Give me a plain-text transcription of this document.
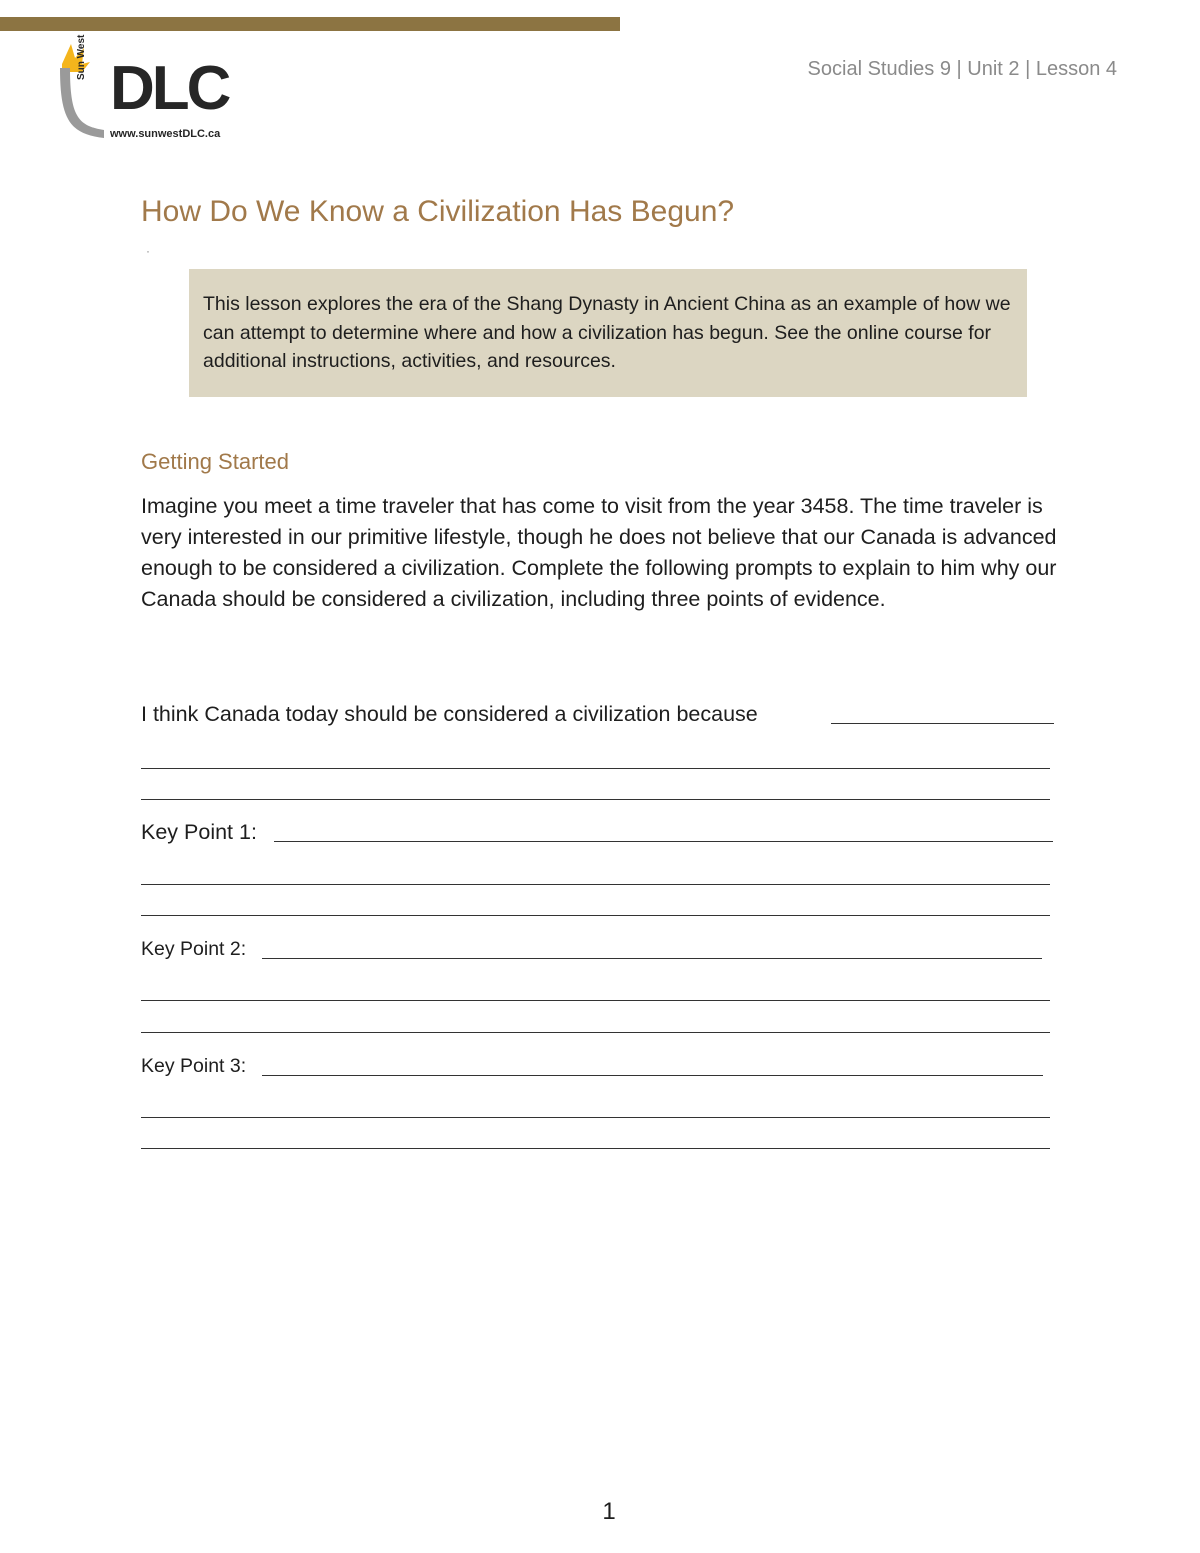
Sun West DLC
www.sunwestDLC.ca
Social Studies 9 | Unit 2 | Lesson 4
How Do We Know a Civilization Has Begun?
·

This lesson explores the era of the Shang Dynasty in Ancient China as an example of how we can attempt to determine where and how a civilization has begun. See the online course for additional instructions, activities, and resources.

Getting Started

Imagine you meet a time traveler that has come to visit from the year 3458. The time traveler is very interested in our primitive lifestyle, though he does not believe that our Canada is advanced enough to be considered a civilization. Complete the following prompts to explain to him why our Canada should be considered a civilization, including three points of evidence.

I think Canada today should be considered a civilization because
Key Point 1:
Key Point 2:
Key Point 3:
1
